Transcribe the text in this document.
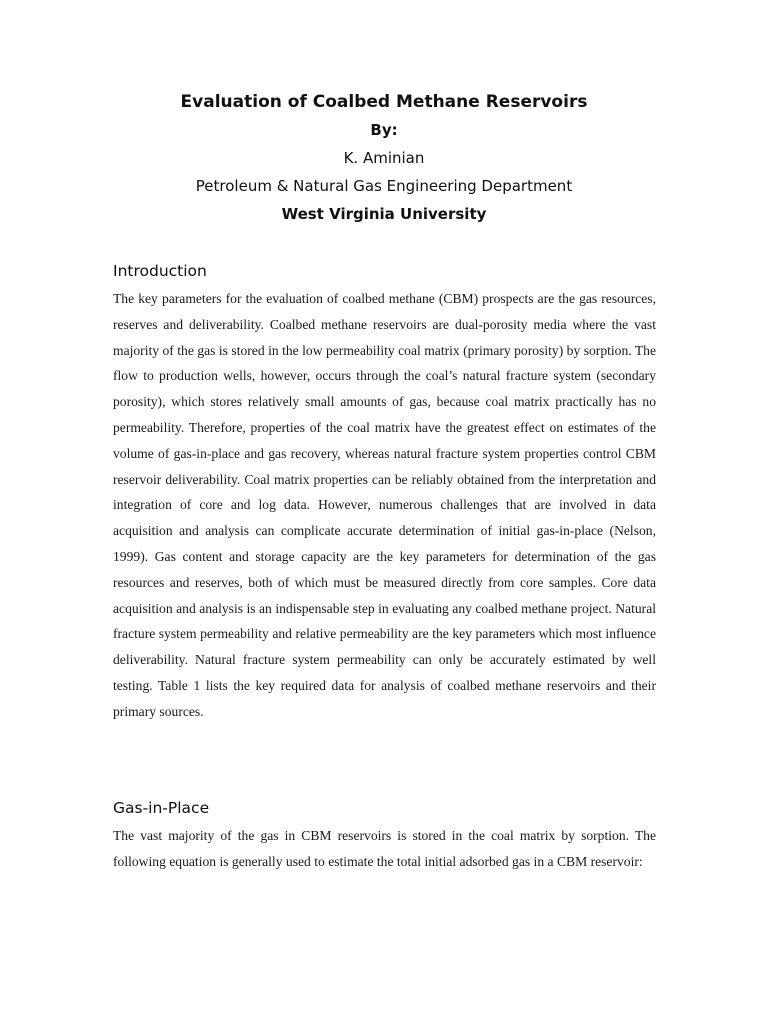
Evaluation of Coalbed Methane Reservoirs
By:
K. Aminian
Petroleum & Natural Gas Engineering Department
West Virginia University
Introduction

The key parameters for the evaluation of coalbed methane (CBM) prospects are the gas resources, reserves and deliverability. Coalbed methane reservoirs are dual-porosity media where the vast majority of the gas is stored in the low permeability coal matrix (primary porosity) by sorption. The flow to production wells, however, occurs through the coal’s natural fracture system (secondary porosity), which stores relatively small amounts of gas, because coal matrix practically has no permeability. Therefore, properties of the coal matrix have the greatest effect on estimates of the volume of gas-in-place and gas recovery, whereas natural fracture system properties control CBM reservoir deliverability. Coal matrix properties can be reliably obtained from the interpretation and integration of core and log data. However, numerous challenges that are involved in data acquisition and analysis can complicate accurate determination of initial gas-in-place (Nelson, 1999). Gas content and storage capacity are the key parameters for determination of the gas resources and reserves, both of which must be measured directly from core samples. Core data acquisition and analysis is an indispensable step in evaluating any coalbed methane project. Natural fracture system permeability and relative permeability are the key parameters which most influence deliverability. Natural fracture system permeability can only be accurately estimated by well testing. Table 1 lists the key required data for analysis of coalbed methane reservoirs and their primary sources.

Gas-in-Place

The vast majority of the gas in CBM reservoirs is stored in the coal matrix by sorption. The following equation is generally used to estimate the total initial adsorbed gas in a CBM reservoir:
